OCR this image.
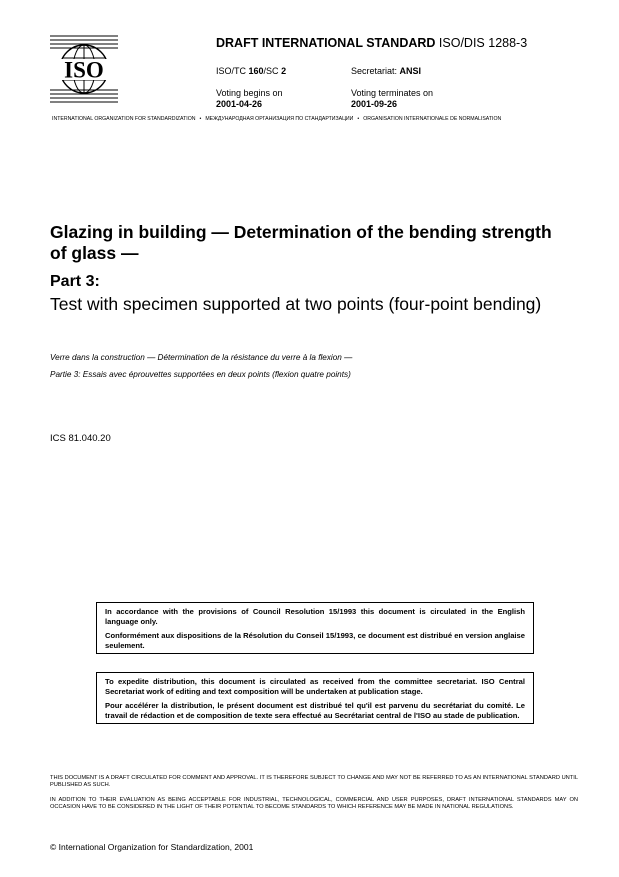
ISO
DRAFT INTERNATIONAL STANDARD ISO/DIS 1288-3
ISO/TC 160/SC 2	Secretariat: ANSI
Voting begins on
2001-04-26
Voting terminates on
2001-09-26
INTERNATIONAL ORGANIZATION FOR STANDARDIZATION • МЕЖДУНАРОДНАЯ ОРГАНИЗАЦИЯ ПО СТАНДАРТИЗАЦИИ • ORGANISATION INTERNATIONALE DE NORMALISATION
Glazing in building — Determination of the bending strength of glass —
Part 3:
Test with specimen supported at two points (four-point bending)
Verre dans la construction — Détermination de la résistance du verre à la flexion —
Partie 3: Essais avec éprouvettes supportées en deux points (flexion quatre points)
ICS 81.040.20

In accordance with the provisions of Council Resolution 15/1993 this document is circulated in the English language only.

Conformément aux dispositions de la Résolution du Conseil 15/1993, ce document est distribué en version anglaise seulement.

To expedite distribution, this document is circulated as received from the committee secretariat. ISO Central Secretariat work of editing and text composition will be undertaken at publication stage.

Pour accélérer la distribution, le présent document est distribué tel qu'il est parvenu du secrétariat du comité. Le travail de rédaction et de composition de texte sera effectué au Secrétariat central de l'ISO au stade de publication.

THIS DOCUMENT IS A DRAFT CIRCULATED FOR COMMENT AND APPROVAL. IT IS THEREFORE SUBJECT TO CHANGE AND MAY NOT BE REFERRED TO AS AN INTERNATIONAL STANDARD UNTIL PUBLISHED AS SUCH.
IN ADDITION TO THEIR EVALUATION AS BEING ACCEPTABLE FOR INDUSTRIAL, TECHNOLOGICAL, COMMERCIAL AND USER PURPOSES, DRAFT INTERNATIONAL STANDARDS MAY ON OCCASION HAVE TO BE CONSIDERED IN THE LIGHT OF THEIR POTENTIAL TO BECOME STANDARDS TO WHICH REFERENCE MAY BE MADE IN NATIONAL REGULATIONS.
© International Organization for Standardization, 2001
